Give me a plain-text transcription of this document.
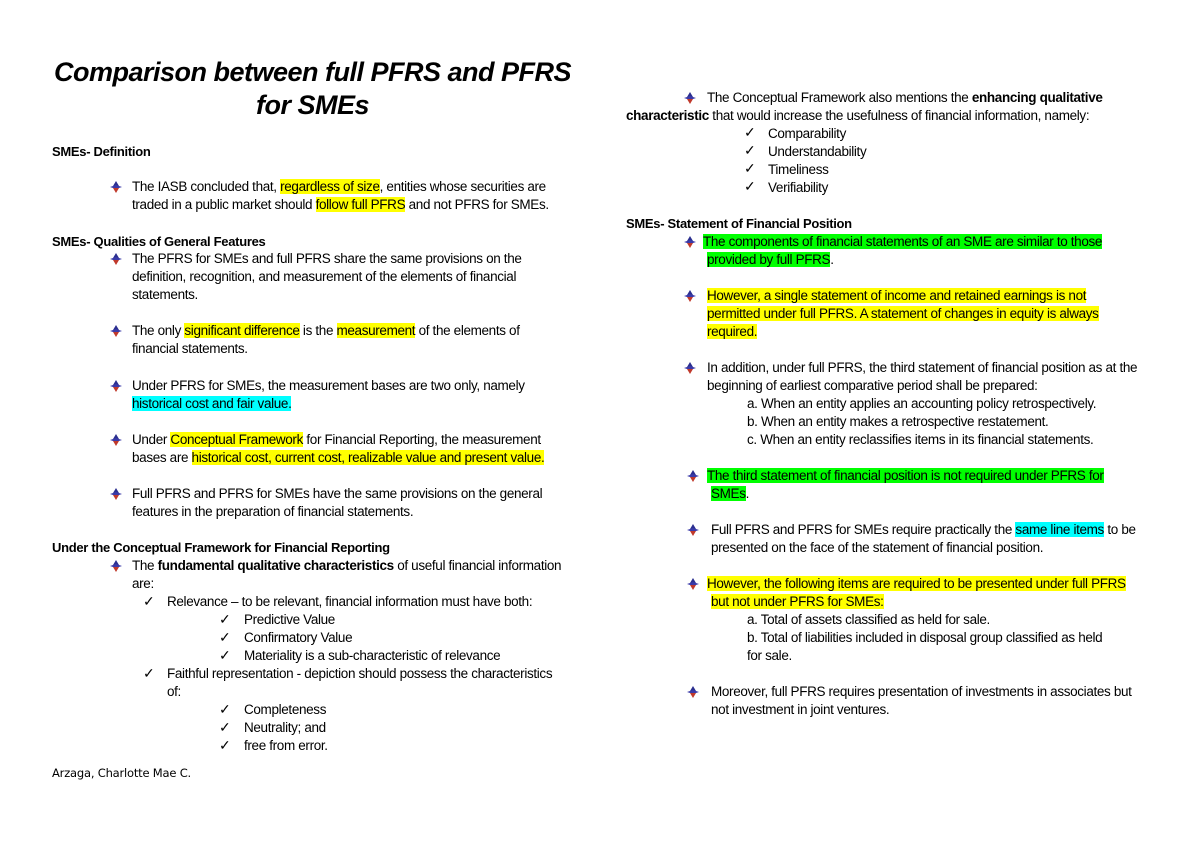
Comparison between full PFRS and PFRS
for SMEs
SMEs- Definition
The IASB concluded that, regardless of size, entities whose securities are
traded in a public market should follow full PFRS and not PFRS for SMEs.
SMEs- Qualities of General Features
The PFRS for SMEs and full PFRS share the same provisions on the
definition, recognition, and measurement of the elements of financial
statements.
The only significant difference is the measurement of the elements of
financial statements.
Under PFRS for SMEs, the measurement bases are two only, namely
historical cost and fair value.
Under Conceptual Framework for Financial Reporting, the measurement
bases are historical cost, current cost, realizable value and present value.
Full PFRS and PFRS for SMEs have the same provisions on the general
features in the preparation of financial statements.
Under the Conceptual Framework for Financial Reporting
The fundamental qualitative characteristics of useful financial information
are:
✓ Relevance – to be relevant, financial information must have both:
✓ Predictive Value
✓ Confirmatory Value
✓ Materiality is a sub-characteristic of relevance
✓ Faithful representation - depiction should possess the characteristics
of:
✓ Completeness
✓ Neutrality; and
✓ free from error.
Arzaga, Charlotte Mae C.
The Conceptual Framework also mentions the enhancing qualitative
characteristic that would increase the usefulness of financial information, namely:
✓ Comparability
✓ Understandability
✓ Timeliness
✓ Verifiability
SMEs- Statement of Financial Position
The components of financial statements of an SME are similar to those
provided by full PFRS.
However, a single statement of income and retained earnings is not
permitted under full PFRS. A statement of changes in equity is always
required.
In addition, under full PFRS, the third statement of financial position as at the
beginning of earliest comparative period shall be prepared:
a. When an entity applies an accounting policy retrospectively.
b. When an entity makes a retrospective restatement.
c. When an entity reclassifies items in its financial statements.
The third statement of financial position is not required under PFRS for
SMEs.
Full PFRS and PFRS for SMEs require practically the same line items to be
presented on the face of the statement of financial position.
However, the following items are required to be presented under full PFRS
but not under PFRS for SMEs:
a. Total of assets classified as held for sale.
b. Total of liabilities included in disposal group classified as held
for sale.
Moreover, full PFRS requires presentation of investments in associates but
not investment in joint ventures.
